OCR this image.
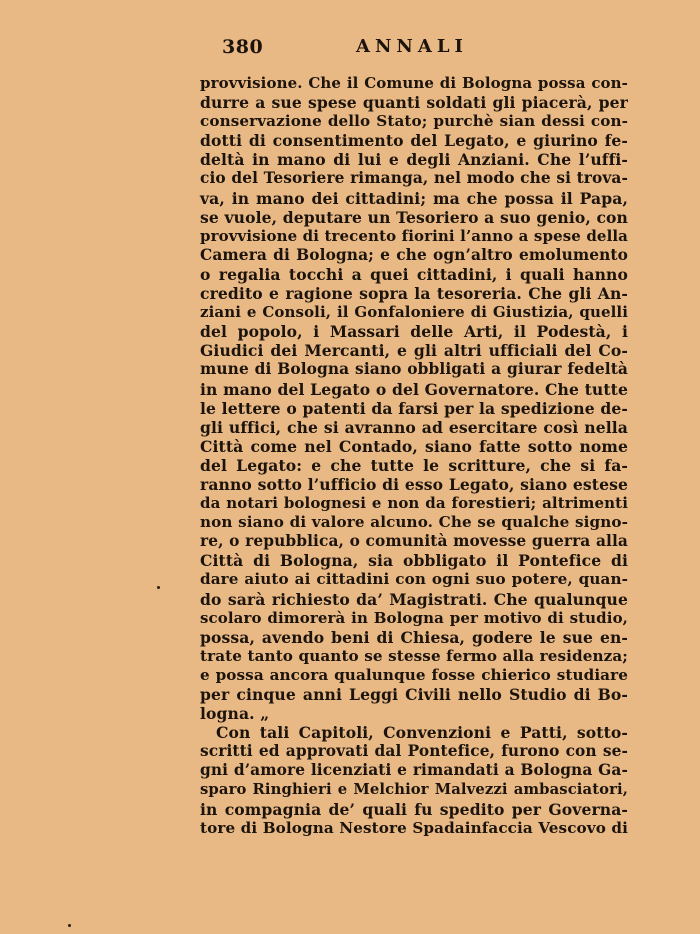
380	ANNALI
provvisione. Che il Comune di Bologna possa con-
durre a sue spese quanti soldati gli piacerà, per
conservazione dello Stato; purchè sian dessi con-
dotti di consentimento del Legato, e giurino fe-
deltà in mano di lui e degli Anziani. Che l’uffi-
cio del Tesoriere rimanga, nel modo che si trova-
va, in mano dei cittadini; ma che possa il Papa,
se vuole, deputare un Tesoriero a suo genio, con
provvisione di trecento fiorini l’anno a spese della
Camera di Bologna; e che ogn’altro emolumento
o regalia tocchi a quei cittadini, i quali hanno
credito e ragione sopra la tesoreria. Che gli An-
ziani e Consoli, il Gonfaloniere di Giustizia, quelli
del popolo, i Massari delle Arti, il Podestà, i
Giudici dei Mercanti, e gli altri ufficiali del Co-
mune di Bologna siano obbligati a giurar fedeltà
in mano del Legato o del Governatore. Che tutte
le lettere o patenti da farsi per la spedizione de-
gli uffici, che si avranno ad esercitare così nella
Città come nel Contado, siano fatte sotto nome
del Legato: e che tutte le scritture, che si fa-
ranno sotto l’ufficio di esso Legato, siano estese
da notari bolognesi e non da forestieri; altrimenti
non siano di valore alcuno. Che se qualche signo-
re, o repubblica, o comunità movesse guerra alla
Città di Bologna, sia obbligato il Pontefice di
dare aiuto ai cittadini con ogni suo potere, quan-
do sarà richiesto da’ Magistrati. Che qualunque
scolaro dimorerà in Bologna per motivo di studio,
possa, avendo beni di Chiesa, godere le sue en-
trate tanto quanto se stesse fermo alla residenza;
e possa ancora qualunque fosse chierico studiare
per cinque anni Leggi Civili nello Studio di Bo-
logna. „
Con tali Capitoli, Convenzioni e Patti, sotto-
scritti ed approvati dal Pontefice, furono con se-
gni d’amore licenziati e rimandati a Bologna Ga-
sparo Ringhieri e Melchior Malvezzi ambasciatori,
in compagnia de’ quali fu spedito per Governa-
tore di Bologna Nestore Spadainfaccia Vescovo di
